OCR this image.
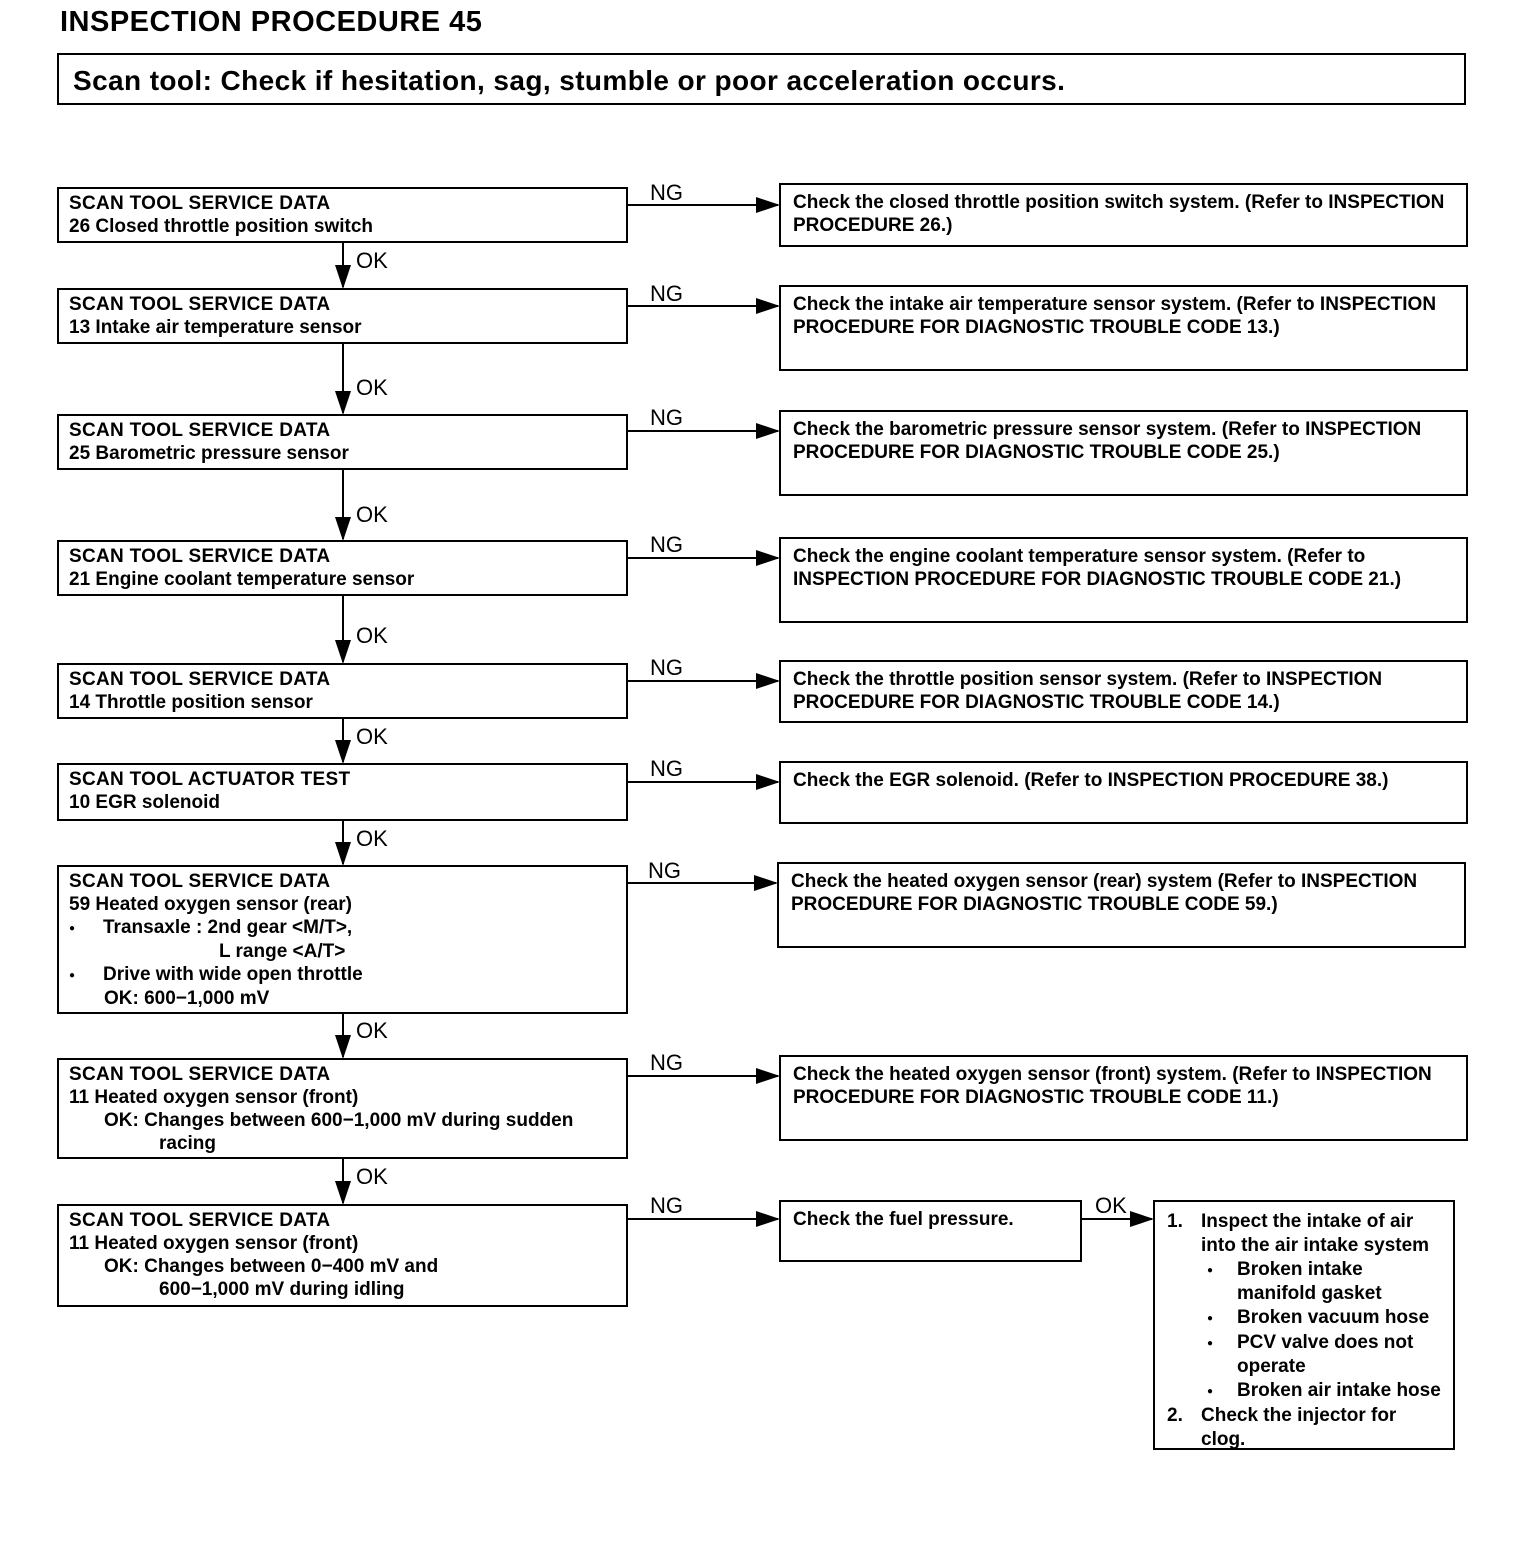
INSPECTION PROCEDURE 45
Scan tool: Check if hesitation, sag, stumble or poor acceleration occurs.
SCAN TOOL SERVICE DATA
26 Closed throttle position switch
SCAN TOOL SERVICE DATA
13 Intake air temperature sensor
SCAN TOOL SERVICE DATA
25 Barometric pressure sensor
SCAN TOOL SERVICE DATA
21 Engine coolant temperature sensor
SCAN TOOL SERVICE DATA
14 Throttle position sensor
SCAN TOOL ACTUATOR TEST
10 EGR solenoid
SCAN TOOL SERVICE DATA
59 Heated oxygen sensor (rear)
● Transaxle : 2nd gear <M/T>,
L range <A/T>
● Drive with wide open throttle
OK: 600−1,000 mV
SCAN TOOL SERVICE DATA
11 Heated oxygen sensor (front)
OK: Changes between 600−1,000 mV during sudden
racing
SCAN TOOL SERVICE DATA
11 Heated oxygen sensor (front)
OK: Changes between 0−400 mV and
600−1,000 mV during idling
Check the closed throttle position switch system. (Refer to INSPECTION PROCEDURE 26.)
Check the intake air temperature sensor system. (Refer to INSPECTION PROCEDURE FOR DIAGNOSTIC TROUBLE CODE 13.)
Check the barometric pressure sensor system. (Refer to INSPECTION PROCEDURE FOR DIAGNOSTIC TROUBLE CODE 25.)
Check the engine coolant temperature sensor system. (Refer to INSPECTION PROCEDURE FOR DIAGNOSTIC TROUBLE CODE 21.)
Check the throttle position sensor system. (Refer to INSPECTION PROCEDURE FOR DIAGNOSTIC TROUBLE CODE 14.)
Check the EGR solenoid. (Refer to INSPECTION PROCEDURE 38.)
Check the heated oxygen sensor (rear) system (Refer to INSPECTION PROCEDURE FOR DIAGNOSTIC TROUBLE CODE 59.)
Check the heated oxygen sensor (front) system. (Refer to INSPECTION PROCEDURE FOR DIAGNOSTIC TROUBLE CODE 11.)
Check the fuel pressure.	1. Inspect the intake of air into the air intake system
●
Broken intake manifold gasket
●
Broken vacuum hose
●
PCV valve does not operate
●
Broken air intake hose
2. Check the injector for clog.
OK
OK
OK
OK
OK
OK
OK
OK
OK
NG
NG
NG
NG
NG
NG
NG
NG
NG
